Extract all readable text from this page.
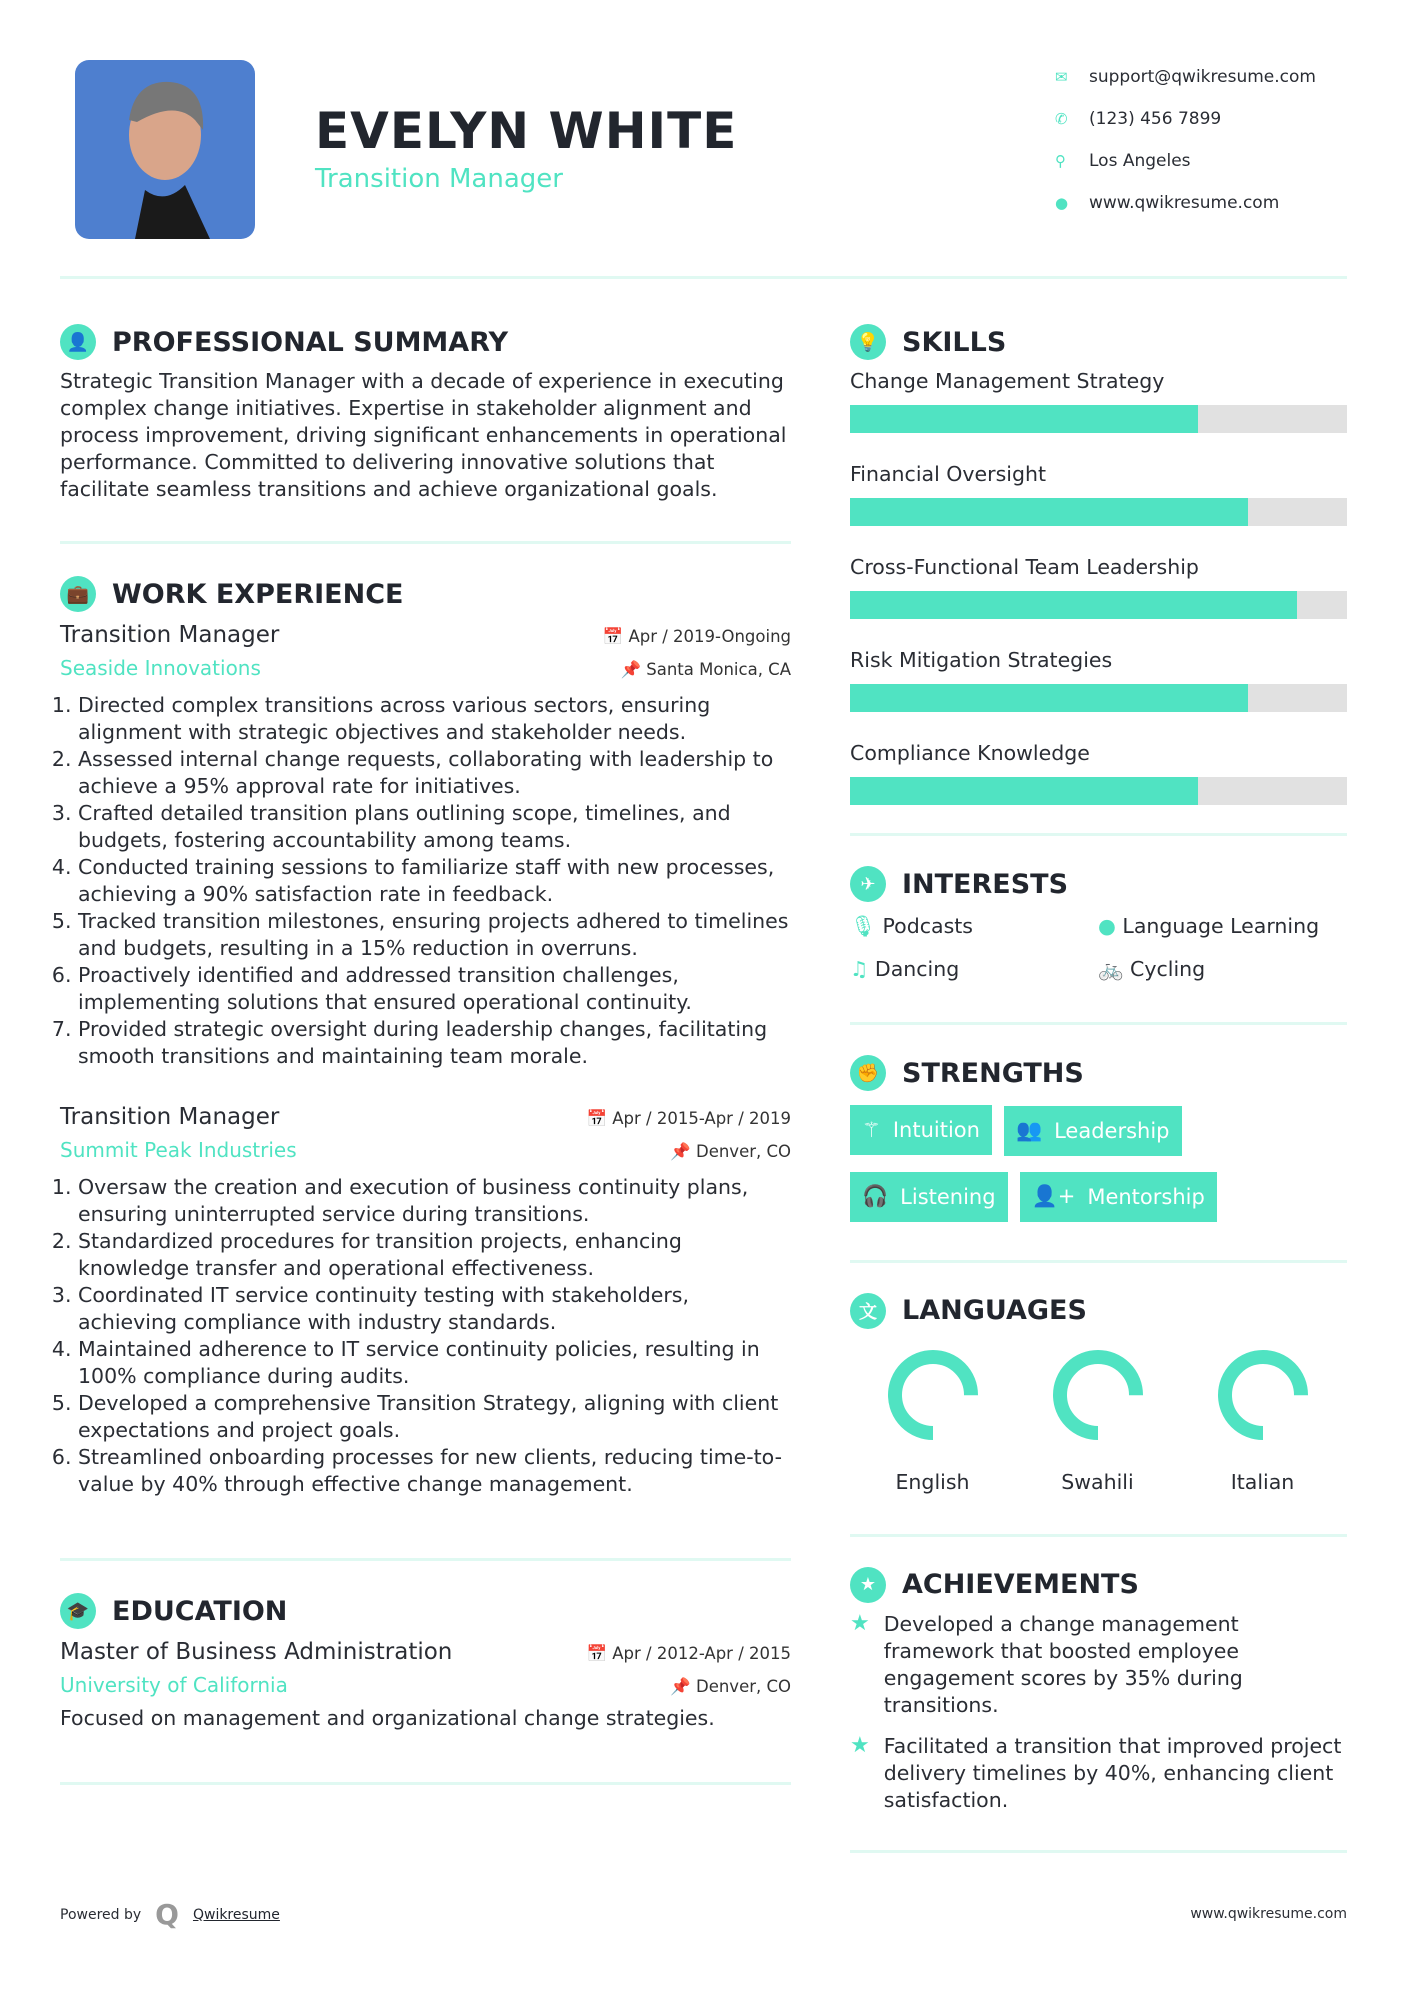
EVELYN WHITE
Transition Manager
✉	support@qwikresume.com
✆	(123) 456 7899
⚲	Los Angeles
●	www.qwikresume.com
👤 PROFESSIONAL SUMMARY

Strategic Transition Manager with a decade of experience in executing complex change initiatives. Expertise in stakeholder alignment and process improvement, driving significant enhancements in operational performance. Committed to delivering innovative solutions that facilitate seamless transitions and achieve organizational goals.

💼 WORK EXPERIENCE
Transition Manager	📅 Apr / 2019-Ongoing
Seaside Innovations	📌 Santa Monica, CA
1. Directed complex transitions across various sectors, ensuring alignment with strategic objectives and stakeholder needs.
2. Assessed internal change requests, collaborating with leadership to achieve a 95% approval rate for initiatives.
3. Crafted detailed transition plans outlining scope, timelines, and budgets, fostering accountability among teams.
4. Conducted training sessions to familiarize staff with new processes, achieving a 90% satisfaction rate in feedback.
5. Tracked transition milestones, ensuring projects adhered to timelines and budgets, resulting in a 15% reduction in overruns.
6. Proactively identified and addressed transition challenges, implementing solutions that ensured operational continuity.
7. Provided strategic oversight during leadership changes, facilitating smooth transitions and maintaining team morale.
Transition Manager	📅 Apr / 2015-Apr / 2019
Summit Peak Industries	📌 Denver, CO
1. Oversaw the creation and execution of business continuity plans, ensuring uninterrupted service during transitions.
2. Standardized procedures for transition projects, enhancing knowledge transfer and operational effectiveness.
3. Coordinated IT service continuity testing with stakeholders, achieving compliance with industry standards.
4. Maintained adherence to IT service continuity policies, resulting in 100% compliance during audits.
5. Developed a comprehensive Transition Strategy, aligning with client expectations and project goals.
6. Streamlined onboarding processes for new clients, reducing time-to-value by 40% through effective change management.
🎓 EDUCATION
Master of Business Administration	📅 Apr / 2012-Apr / 2015
University of California	📌 Denver, CO

Focused on management and organizational change strategies.

💡 SKILLS
Change Management Strategy
Financial Oversight
Cross-Functional Team Leadership
Risk Mitigation Strategies
Compliance Knowledge
✈ INTERESTS
🎙 Podcasts	● Language Learning
♫ Dancing	🚲 Cycling
✊ STRENGTHS
⚚ Intuition 👥 Leadership
🎧 Listening 👤+ Mentorship
文 LANGUAGES
English	Swahili	Italian
★ ACHIEVEMENTS
★ Developed a change management framework that boosted employee engagement scores by 35% during transitions.
★ Facilitated a transition that improved project delivery timelines by 40%, enhancing client satisfaction.
Powered by Q Qwikresume	www.qwikresume.com
